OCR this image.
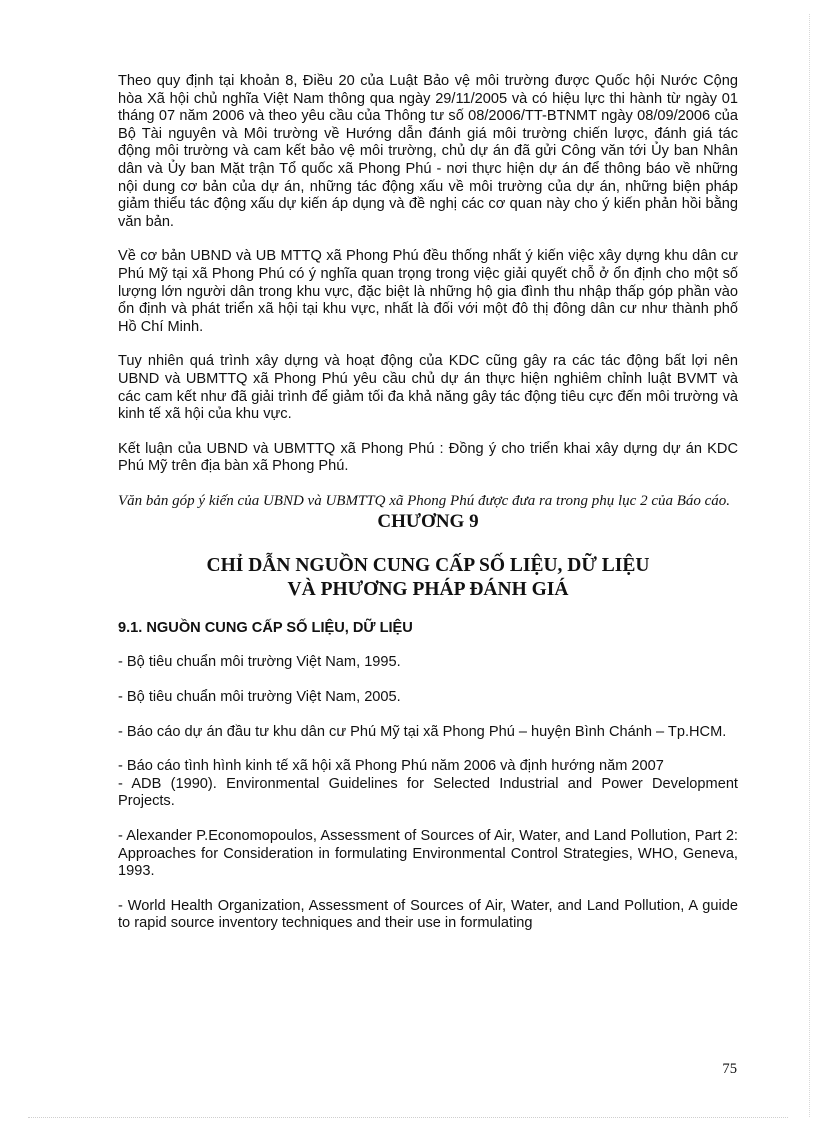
Theo quy định tại khoản 8, Điều 20 của Luật Bảo vệ môi trường được Quốc hội Nước Cộng hòa Xã hội chủ nghĩa Việt Nam thông qua ngày 29/11/2005 và có hiệu lực thi hành từ ngày 01 tháng 07 năm 2006 và theo yêu cầu của Thông tư số 08/2006/TT-BTNMT ngày 08/09/2006 của Bộ Tài nguyên và Môi trường về Hướng dẫn đánh giá môi trường chiến lược, đánh giá tác động môi trường và cam kết bảo vệ môi trường, chủ dự án đã gửi Công văn tới Ủy ban Nhân dân và Ủy ban Mặt trận Tổ quốc xã Phong Phú - nơi thực hiện dự án để thông báo về những nội dung cơ bản của dự án, những tác động xấu về môi trường của dự án, những biện pháp giảm thiểu tác động xấu dự kiến áp dụng và đề nghị các cơ quan này cho ý kiến phản hồi bằng văn bản.

Về cơ bản UBND và UB MTTQ xã Phong Phú đều thống nhất ý kiến việc xây dựng khu dân cư Phú Mỹ tại xã Phong Phú có ý nghĩa quan trọng trong việc giải quyết chỗ ở ổn định cho một số lượng lớn người dân trong khu vực, đặc biệt là những hộ gia đình thu nhập thấp góp phần vào ổn định và phát triển xã hội tại khu vực, nhất là đối với một đô thị đông dân cư như thành phố Hồ Chí Minh.

Tuy nhiên quá trình xây dựng và hoạt động của KDC cũng gây ra các tác động bất lợi nên UBND và UBMTTQ xã Phong Phú yêu cầu chủ dự án thực hiện nghiêm chỉnh luật BVMT và các cam kết như đã giải trình để giảm tối đa khả năng gây tác động tiêu cực đến môi trường và kinh tế xã hội của khu vực.

Kết luận của UBND và UBMTTQ xã Phong Phú : Đồng ý cho triển khai xây dựng dự án KDC Phú Mỹ trên địa bàn xã Phong Phú.

Văn bản góp ý kiến của UBND và UBMTTQ xã Phong Phú được đưa ra trong phụ lục 2 của Báo cáo.

CHƯƠNG 9
CHỈ DẪN NGUỒN CUNG CẤP SỐ LIỆU, DỮ LIỆU
VÀ PHƯƠNG PHÁP ĐÁNH GIÁ
9.1. NGUỒN CUNG CẤP SỐ LIỆU, DỮ LIỆU

- Bộ tiêu chuẩn môi trường Việt Nam, 1995.

- Bộ tiêu chuẩn môi trường Việt Nam, 2005.

- Báo cáo dự án đầu tư khu dân cư Phú Mỹ tại xã Phong Phú – huyện Bình Chánh – Tp.HCM.

- Báo cáo tình hình kinh tế xã hội xã Phong Phú năm 2006 và định hướng năm 2007

- ADB (1990). Environmental Guidelines for Selected Industrial and Power Development Projects.

- Alexander P.Economopoulos, Assessment of Sources of Air, Water, and Land Pollution, Part 2: Approaches for Consideration in formulating Environmental Control Strategies, WHO, Geneva, 1993.

- World Health Organization, Assessment of Sources of Air, Water, and Land Pollution, A guide to rapid source inventory techniques and their use in formulating

75
